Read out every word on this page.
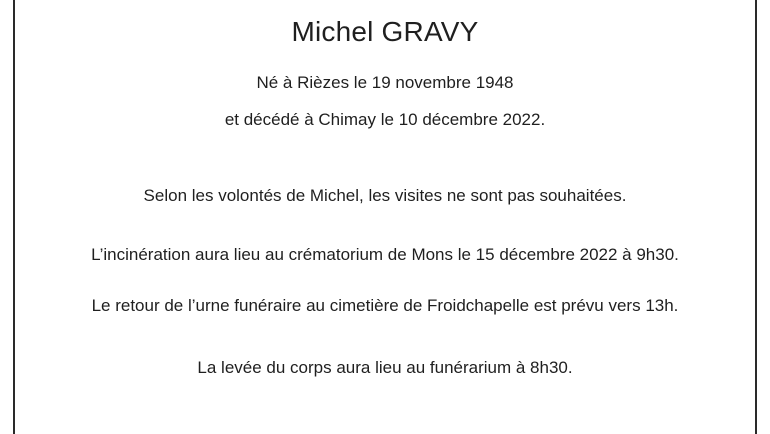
Michel GRAVY
Né à Rièzes le 19 novembre 1948
et décédé à Chimay le 10 décembre 2022.
Selon les volontés de Michel, les visites ne sont pas souhaitées.
L’incinération aura lieu au crématorium de Mons le 15 décembre 2022 à 9h30.
Le retour de l’urne funéraire au cimetière de Froidchapelle est prévu vers 13h.
La levée du corps aura lieu au funérarium à 8h30.
